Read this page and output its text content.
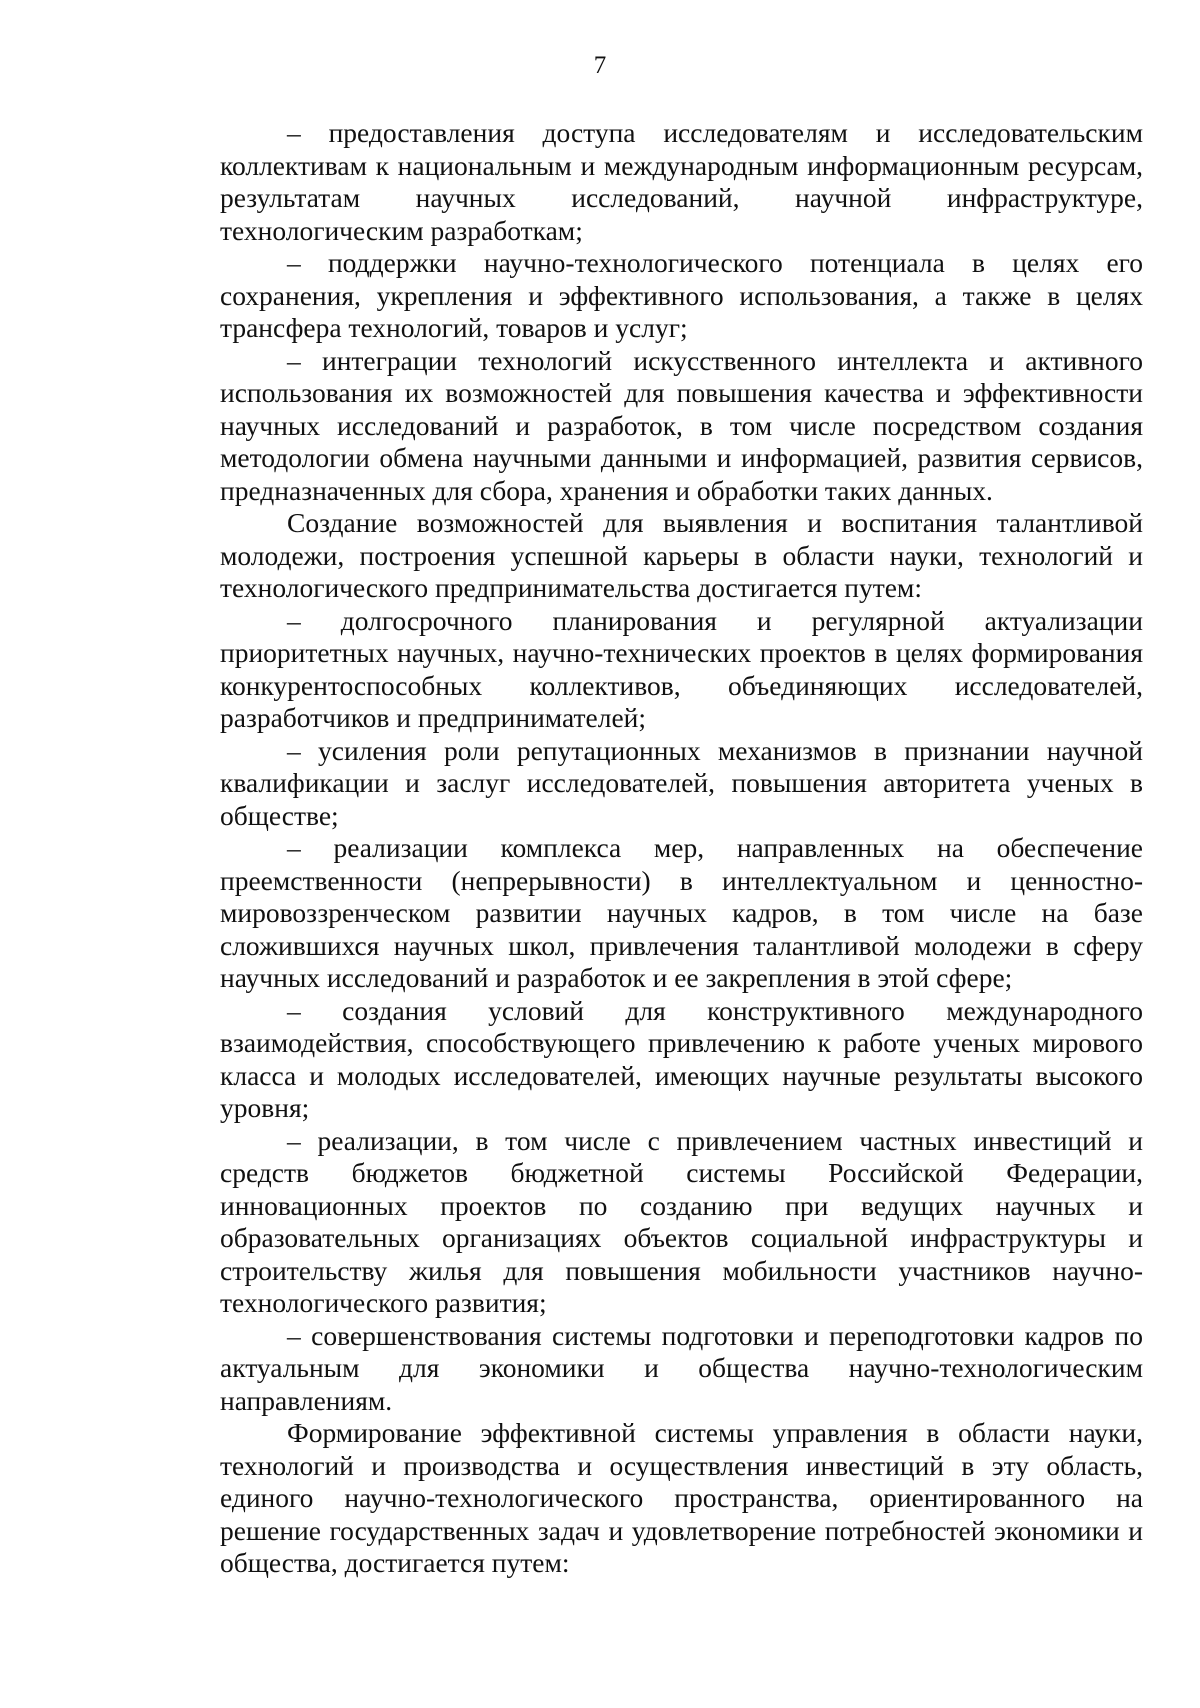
7

– предоставления доступа исследователям и исследовательским коллективам к национальным и международным информационным ресурсам, результатам научных исследований, научной инфраструктуре, технологическим разработкам;

– поддержки научно-технологического потенциала в целях его сохранения, укрепления и эффективного использования, а также в целях трансфера технологий, товаров и услуг;

– интеграции технологий искусственного интеллекта и активного использования их возможностей для повышения качества и эффективности научных исследований и разработок, в том числе посредством создания методологии обмена научными данными и информацией, развития сервисов, предназначенных для сбора, хранения и обработки таких данных.

Создание возможностей для выявления и воспитания талантливой молодежи, построения успешной карьеры в области науки, технологий и технологического предпринимательства достигается путем:

– долгосрочного планирования и регулярной актуализации приоритетных научных, научно-технических проектов в целях формирования конкурентоспособных коллективов, объединяющих исследователей, разработчиков и предпринимателей;

– усиления роли репутационных механизмов в признании научной квалификации и заслуг исследователей, повышения авторитета ученых в обществе;

– реализации комплекса мер, направленных на обеспечение преемственности (непрерывности) в интеллектуальном и ценностно-мировоззренческом развитии научных кадров, в том числе на базе сложившихся научных школ, привлечения талантливой молодежи в сферу научных исследований и разработок и ее закрепления в этой сфере;

– создания условий для конструктивного международного взаимодействия, способствующего привлечению к работе ученых мирового класса и молодых исследователей, имеющих научные результаты высокого уровня;

– реализации, в том числе с привлечением частных инвестиций и средств бюджетов бюджетной системы Российской Федерации, инновационных проектов по созданию при ведущих научных и образовательных организациях объектов социальной инфраструктуры и строительству жилья для повышения мобильности участников научно-технологического развития;

– совершенствования системы подготовки и переподготовки кадров по актуальным для экономики и общества научно-технологическим направлениям.

Формирование эффективной системы управления в области науки, технологий и производства и осуществления инвестиций в эту область, единого научно-технологического пространства, ориентированного на решение государственных задач и удовлетворение потребностей экономики и общества, достигается путем:
